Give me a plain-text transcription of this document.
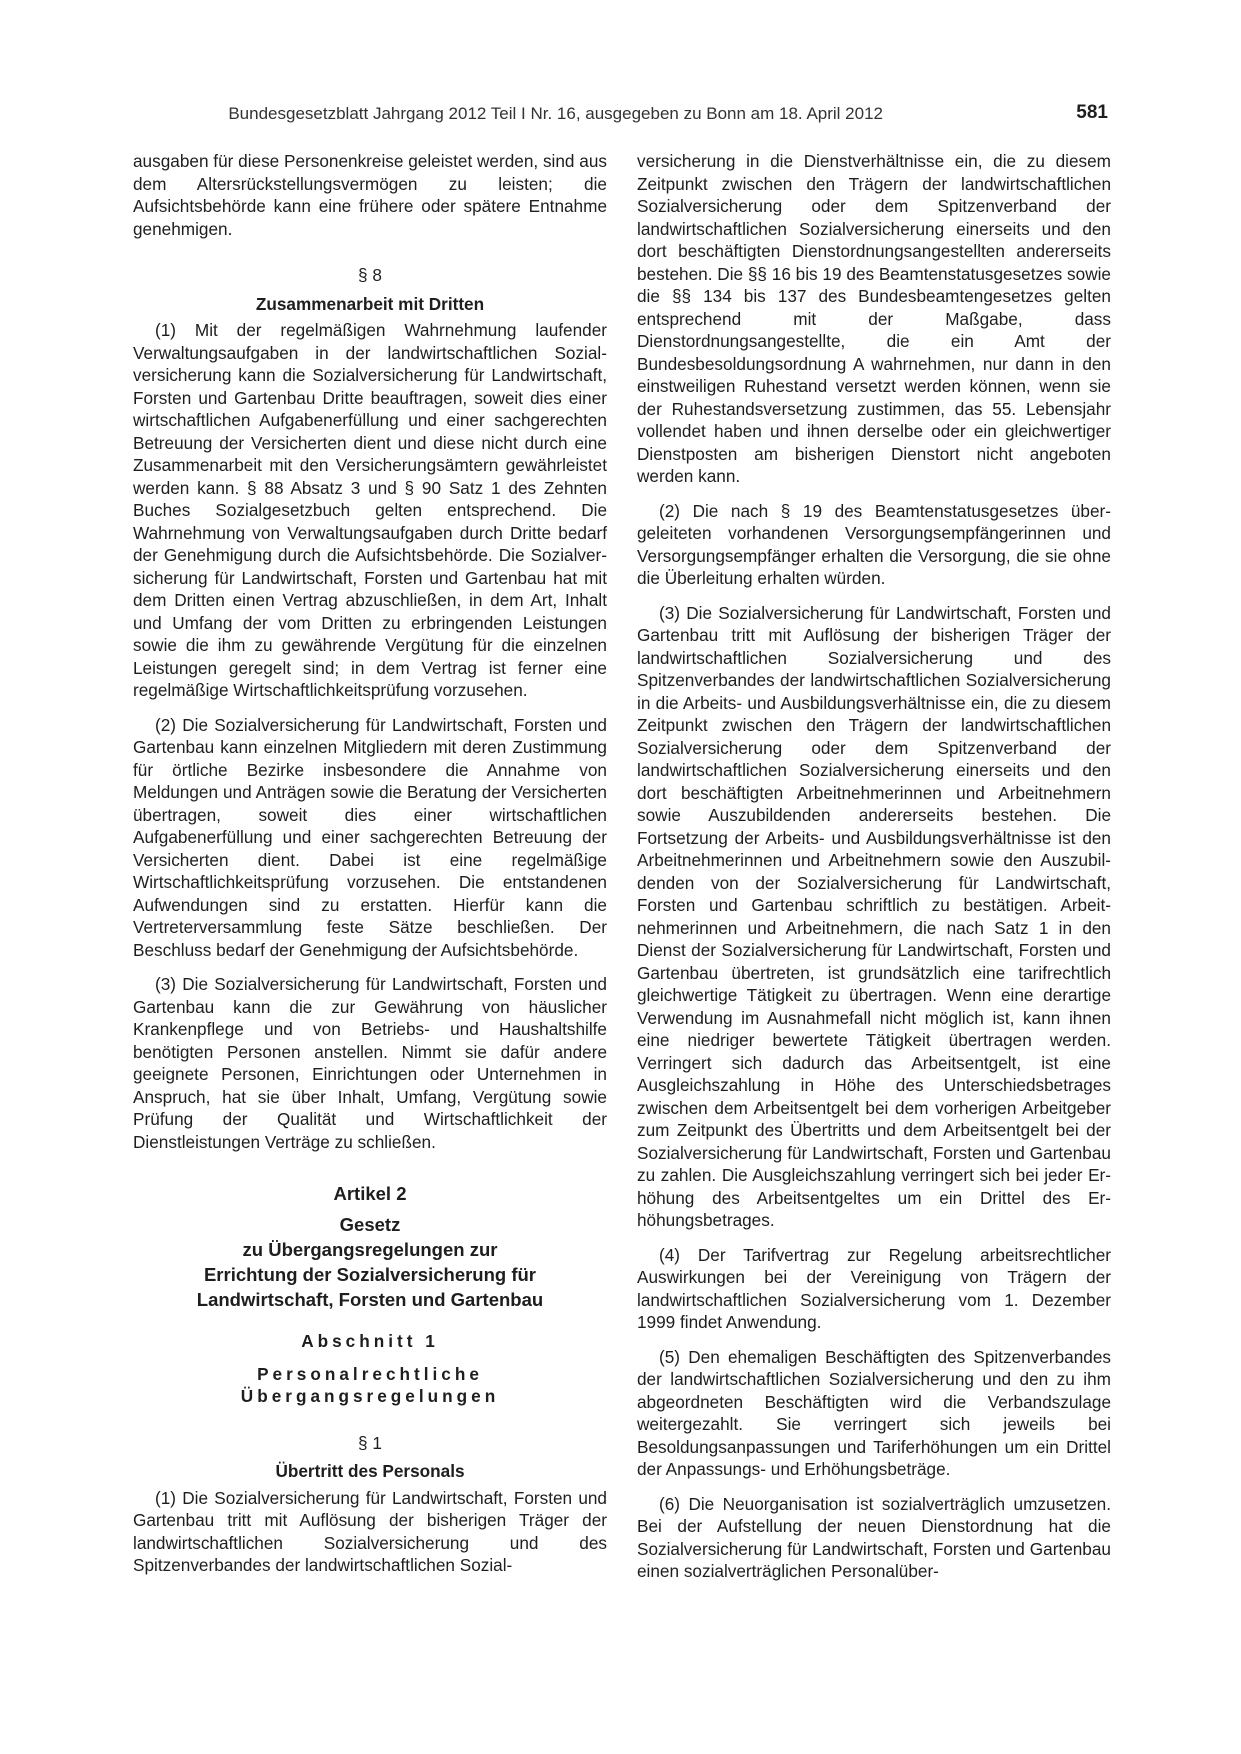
Bundesgesetzblatt Jahrgang 2012 Teil I Nr. 16, ausgegeben zu Bonn am 18. April 2012	581

ausgaben für diese Personenkreise geleistet werden, sind aus dem Altersrückstellungsvermögen zu leisten; die Aufsichtsbehörde kann eine frühere oder spätere Entnahme genehmigen.

§ 8
Zusammenarbeit mit Dritten

(1) Mit der regelmäßigen Wahrnehmung laufender Verwaltungsaufgaben in der landwirtschaftlichen Sozialversicherung kann die Sozialversicherung für Landwirtschaft, Forsten und Gartenbau Dritte beauftragen, soweit dies einer wirtschaftlichen Aufgabenerfüllung und einer sachgerechten Betreuung der Versicherten dient und diese nicht durch eine Zusammenarbeit mit den Versicherungsämtern gewährleistet werden kann. § 88 Absatz 3 und § 90 Satz 1 des Zehnten Buches Sozialgesetzbuch gelten entsprechend. Die Wahrnehmung von Verwaltungsaufgaben durch Dritte bedarf der Genehmigung durch die Aufsichtsbehörde. Die Sozialversicherung für Landwirtschaft, Forsten und Gartenbau hat mit dem Dritten einen Vertrag abzuschließen, in dem Art, Inhalt und Umfang der vom Dritten zu erbringenden Leistungen sowie die ihm zu gewährende Vergütung für die einzelnen Leistungen geregelt sind; in dem Vertrag ist ferner eine regelmäßige Wirtschaftlichkeitsprüfung vorzusehen.

(2) Die Sozialversicherung für Landwirtschaft, Forsten und Gartenbau kann einzelnen Mitgliedern mit deren Zustimmung für örtliche Bezirke insbesondere die Annahme von Meldungen und Anträgen sowie die Beratung der Versicherten übertragen, soweit dies einer wirtschaftlichen Aufgabenerfüllung und einer sachgerechten Betreuung der Versicherten dient. Dabei ist eine regelmäßige Wirtschaftlichkeitsprüfung vorzusehen. Die entstandenen Aufwendungen sind zu erstatten. Hierfür kann die Vertreterversammlung feste Sätze beschließen. Der Beschluss bedarf der Genehmigung der Aufsichtsbehörde.

(3) Die Sozialversicherung für Landwirtschaft, Forsten und Gartenbau kann die zur Gewährung von häuslicher Krankenpflege und von Betriebs- und Haushaltshilfe benötigten Personen anstellen. Nimmt sie dafür andere geeignete Personen, Einrichtungen oder Unternehmen in Anspruch, hat sie über Inhalt, Umfang, Vergütung sowie Prüfung der Qualität und Wirtschaftlichkeit der Dienstleistungen Verträge zu schließen.

Artikel 2
Gesetz
zu Übergangsregelungen zur
Errichtung der Sozialversicherung für
Landwirtschaft, Forsten und Gartenbau
Abschnitt 1
Personalrechtliche
Übergangsregelungen
§ 1
Übertritt des Personals

(1) Die Sozialversicherung für Landwirtschaft, Forsten und Gartenbau tritt mit Auflösung der bisherigen Träger der landwirtschaftlichen Sozialversicherung und des Spitzenverbandes der landwirtschaftlichen Sozial-

versicherung in die Dienstverhältnisse ein, die zu diesem Zeitpunkt zwischen den Trägern der landwirtschaftlichen Sozialversicherung oder dem Spitzenverband der landwirtschaftlichen Sozialversicherung einerseits und den dort beschäftigten Dienstordnungsangestellten andererseits bestehen. Die §§ 16 bis 19 des Beamtenstatusgesetzes sowie die §§ 134 bis 137 des Bundesbeamtengesetzes gelten entsprechend mit der Maßgabe, dass Dienstordnungsangestellte, die ein Amt der Bundesbesoldungsordnung A wahrnehmen, nur dann in den einstweiligen Ruhestand versetzt werden können, wenn sie der Ruhestandsversetzung zustimmen, das 55. Lebensjahr vollendet haben und ihnen derselbe oder ein gleichwertiger Dienstposten am bisherigen Dienstort nicht angeboten werden kann.

(2) Die nach § 19 des Beamtenstatusgesetzes übergeleiteten vorhandenen Versorgungsempfängerinnen und Versorgungsempfänger erhalten die Versorgung, die sie ohne die Überleitung erhalten würden.

(3) Die Sozialversicherung für Landwirtschaft, Forsten und Gartenbau tritt mit Auflösung der bisherigen Träger der landwirtschaftlichen Sozialversicherung und des Spitzenverbandes der landwirtschaftlichen Sozialversicherung in die Arbeits- und Ausbildungsverhältnisse ein, die zu diesem Zeitpunkt zwischen den Trägern der landwirtschaftlichen Sozialversicherung oder dem Spitzenverband der landwirtschaftlichen Sozialversicherung einerseits und den dort beschäftigten Arbeitnehmerinnen und Arbeitnehmern sowie Auszubildenden andererseits bestehen. Die Fortsetzung der Arbeits- und Ausbildungsverhältnisse ist den Arbeitnehmerinnen und Arbeitnehmern sowie den Auszubildenden von der Sozialversicherung für Landwirtschaft, Forsten und Gartenbau schriftlich zu bestätigen. Arbeitnehmerinnen und Arbeitnehmern, die nach Satz 1 in den Dienst der Sozialversicherung für Landwirtschaft, Forsten und Gartenbau übertreten, ist grundsätzlich eine tarifrechtlich gleichwertige Tätigkeit zu übertragen. Wenn eine derartige Verwendung im Ausnahmefall nicht möglich ist, kann ihnen eine niedriger bewertete Tätigkeit übertragen werden. Verringert sich dadurch das Arbeitsentgelt, ist eine Ausgleichszahlung in Höhe des Unterschiedsbetrages zwischen dem Arbeitsentgelt bei dem vorherigen Arbeitgeber zum Zeitpunkt des Übertritts und dem Arbeitsentgelt bei der Sozialversicherung für Landwirtschaft, Forsten und Gartenbau zu zahlen. Die Ausgleichszahlung verringert sich bei jeder Erhöhung des Arbeitsentgeltes um ein Drittel des Erhöhungsbetrages.

(4) Der Tarifvertrag zur Regelung arbeitsrechtlicher Auswirkungen bei der Vereinigung von Trägern der landwirtschaftlichen Sozialversicherung vom 1. Dezember 1999 findet Anwendung.

(5) Den ehemaligen Beschäftigten des Spitzenverbandes der landwirtschaftlichen Sozialversicherung und den zu ihm abgeordneten Beschäftigten wird die Verbandszulage weitergezahlt. Sie verringert sich jeweils bei Besoldungsanpassungen und Tariferhöhungen um ein Drittel der Anpassungs- und Erhöhungsbeträge.

(6) Die Neuorganisation ist sozialverträglich umzusetzen. Bei der Aufstellung der neuen Dienstordnung hat die Sozialversicherung für Landwirtschaft, Forsten und Gartenbau einen sozialverträglichen Personalüber-
